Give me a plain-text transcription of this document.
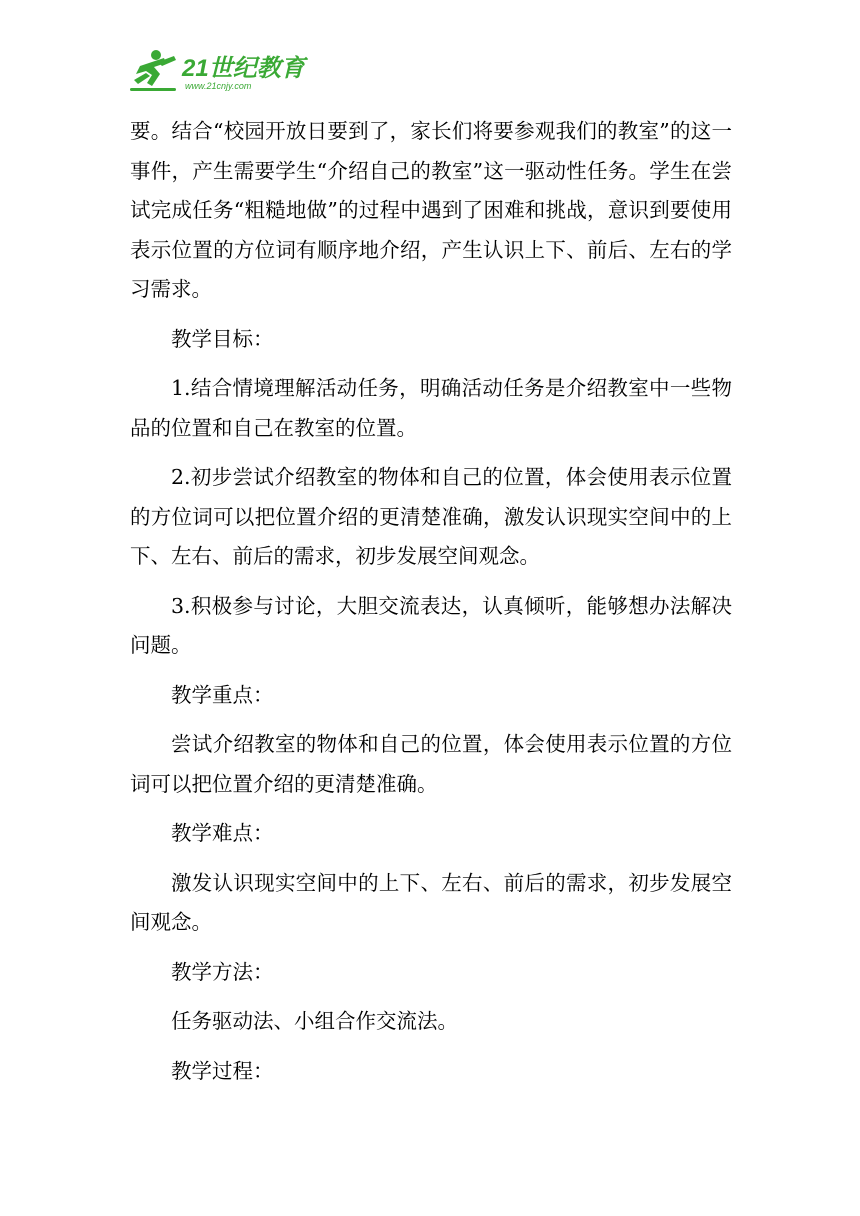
21世纪教育
www.21cnjy.com

要。结合“校园开放日要到了，家长们将要参观我们的教室”的这一事件，产生需要学生“介绍自己的教室”这一驱动性任务。学生在尝试完成任务“粗糙地做”的过程中遇到了困难和挑战，意识到要使用表示位置的方位词有顺序地介绍，产生认识上下、前后、左右的学习需求。

教学目标：

1.结合情境理解活动任务，明确活动任务是介绍教室中一些物品的位置和自己在教室的位置。

2.初步尝试介绍教室的物体和自己的位置，体会使用表示位置的方位词可以把位置介绍的更清楚准确，激发认识现实空间中的上下、左右、前后的需求，初步发展空间观念。

3.积极参与讨论，大胆交流表达，认真倾听，能够想办法解决问题。

教学重点：

尝试介绍教室的物体和自己的位置，体会使用表示位置的方位词可以把位置介绍的更清楚准确。

教学难点：

激发认识现实空间中的上下、左右、前后的需求，初步发展空间观念。

教学方法：

任务驱动法、小组合作交流法。

教学过程：
